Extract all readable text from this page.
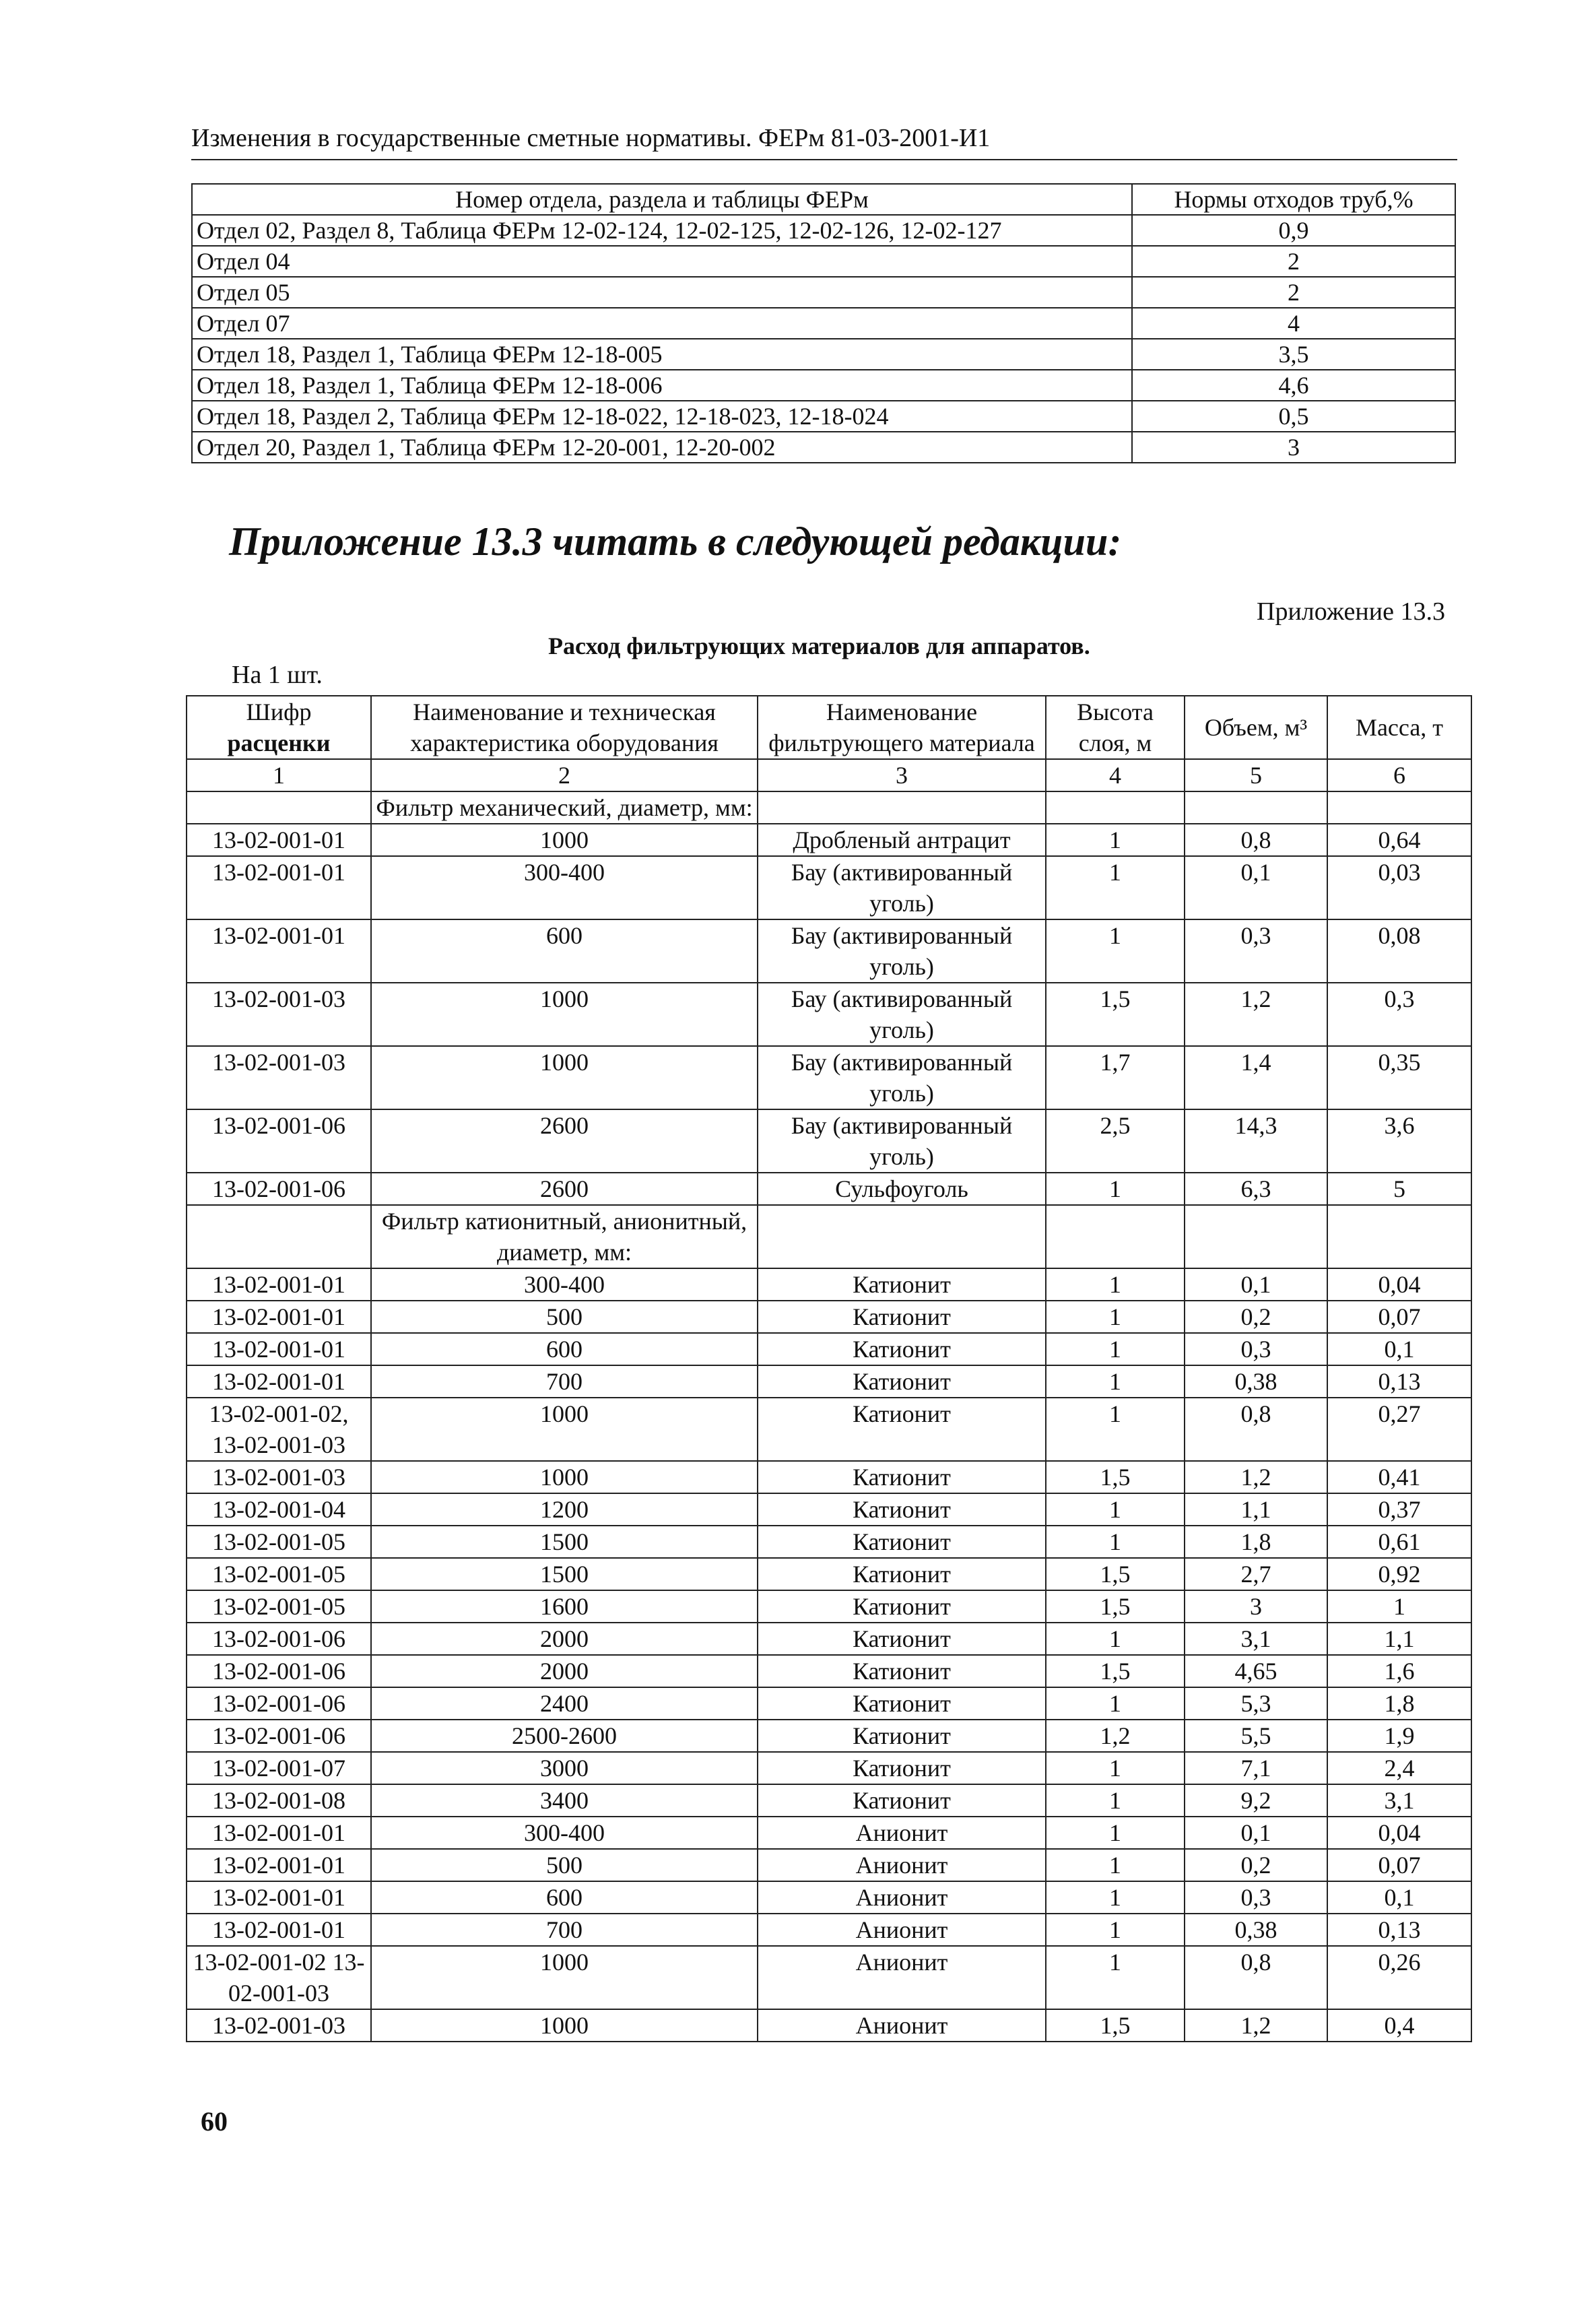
Изменения в государственные сметные нормативы. ФЕРм 81-03-2001-И1
Номер отдела, раздела и таблицы ФЕРм	Нормы отходов труб,%
Отдел 02, Раздел 8, Таблица ФЕРм 12-02-124, 12-02-125, 12-02-126, 12-02-127	0,9
Отдел 04	2
Отдел 05	2
Отдел 07	4
Отдел 18, Раздел 1, Таблица ФЕРм 12-18-005	3,5
Отдел 18, Раздел 1, Таблица ФЕРм 12-18-006	4,6
Отдел 18, Раздел 2, Таблица ФЕРм 12-18-022, 12-18-023, 12-18-024	0,5
Отдел 20, Раздел 1, Таблица ФЕРм 12-20-001, 12-20-002	3
Приложение 13.3 читать в следующей редакции:
Приложение 13.3
Расход фильтрующих материалов для аппаратов.
На 1 шт.
Шифр
расценки	Наименование и техническая характеристика оборудования	Наименование фильтрующего материала	Высота слоя, м	Объем, м³	Масса, т
1	2	3	4	5	6
	Фильтр механический, диаметр, мм:				
13-02-001-01	1000	Дробленый антрацит	1	0,8	0,64
13-02-001-01	300-400	Бау (активированный уголь)	1	0,1	0,03
13-02-001-01	600	Бау (активированный уголь)	1	0,3	0,08
13-02-001-03	1000	Бау (активированный уголь)	1,5	1,2	0,3
13-02-001-03	1000	Бау (активированный уголь)	1,7	1,4	0,35
13-02-001-06	2600	Бау (активированный уголь)	2,5	14,3	3,6
13-02-001-06	2600	Сульфоуголь	1	6,3	5
	Фильтр катионитный, анионитный, диаметр, мм:				
13-02-001-01	300-400	Катионит	1	0,1	0,04
13-02-001-01	500	Катионит	1	0,2	0,07
13-02-001-01	600	Катионит	1	0,3	0,1
13-02-001-01	700	Катионит	1	0,38	0,13
13-02-001-02, 13-02-001-03	1000	Катионит	1	0,8	0,27
13-02-001-03	1000	Катионит	1,5	1,2	0,41
13-02-001-04	1200	Катионит	1	1,1	0,37
13-02-001-05	1500	Катионит	1	1,8	0,61
13-02-001-05	1500	Катионит	1,5	2,7	0,92
13-02-001-05	1600	Катионит	1,5	3	1
13-02-001-06	2000	Катионит	1	3,1	1,1
13-02-001-06	2000	Катионит	1,5	4,65	1,6
13-02-001-06	2400	Катионит	1	5,3	1,8
13-02-001-06	2500-2600	Катионит	1,2	5,5	1,9
13-02-001-07	3000	Катионит	1	7,1	2,4
13-02-001-08	3400	Катионит	1	9,2	3,1
13-02-001-01	300-400	Анионит	1	0,1	0,04
13-02-001-01	500	Анионит	1	0,2	0,07
13-02-001-01	600	Анионит	1	0,3	0,1
13-02-001-01	700	Анионит	1	0,38	0,13
13-02-001-02 13-02-001-03	1000	Анионит	1	0,8	0,26
13-02-001-03	1000	Анионит	1,5	1,2	0,4
60
